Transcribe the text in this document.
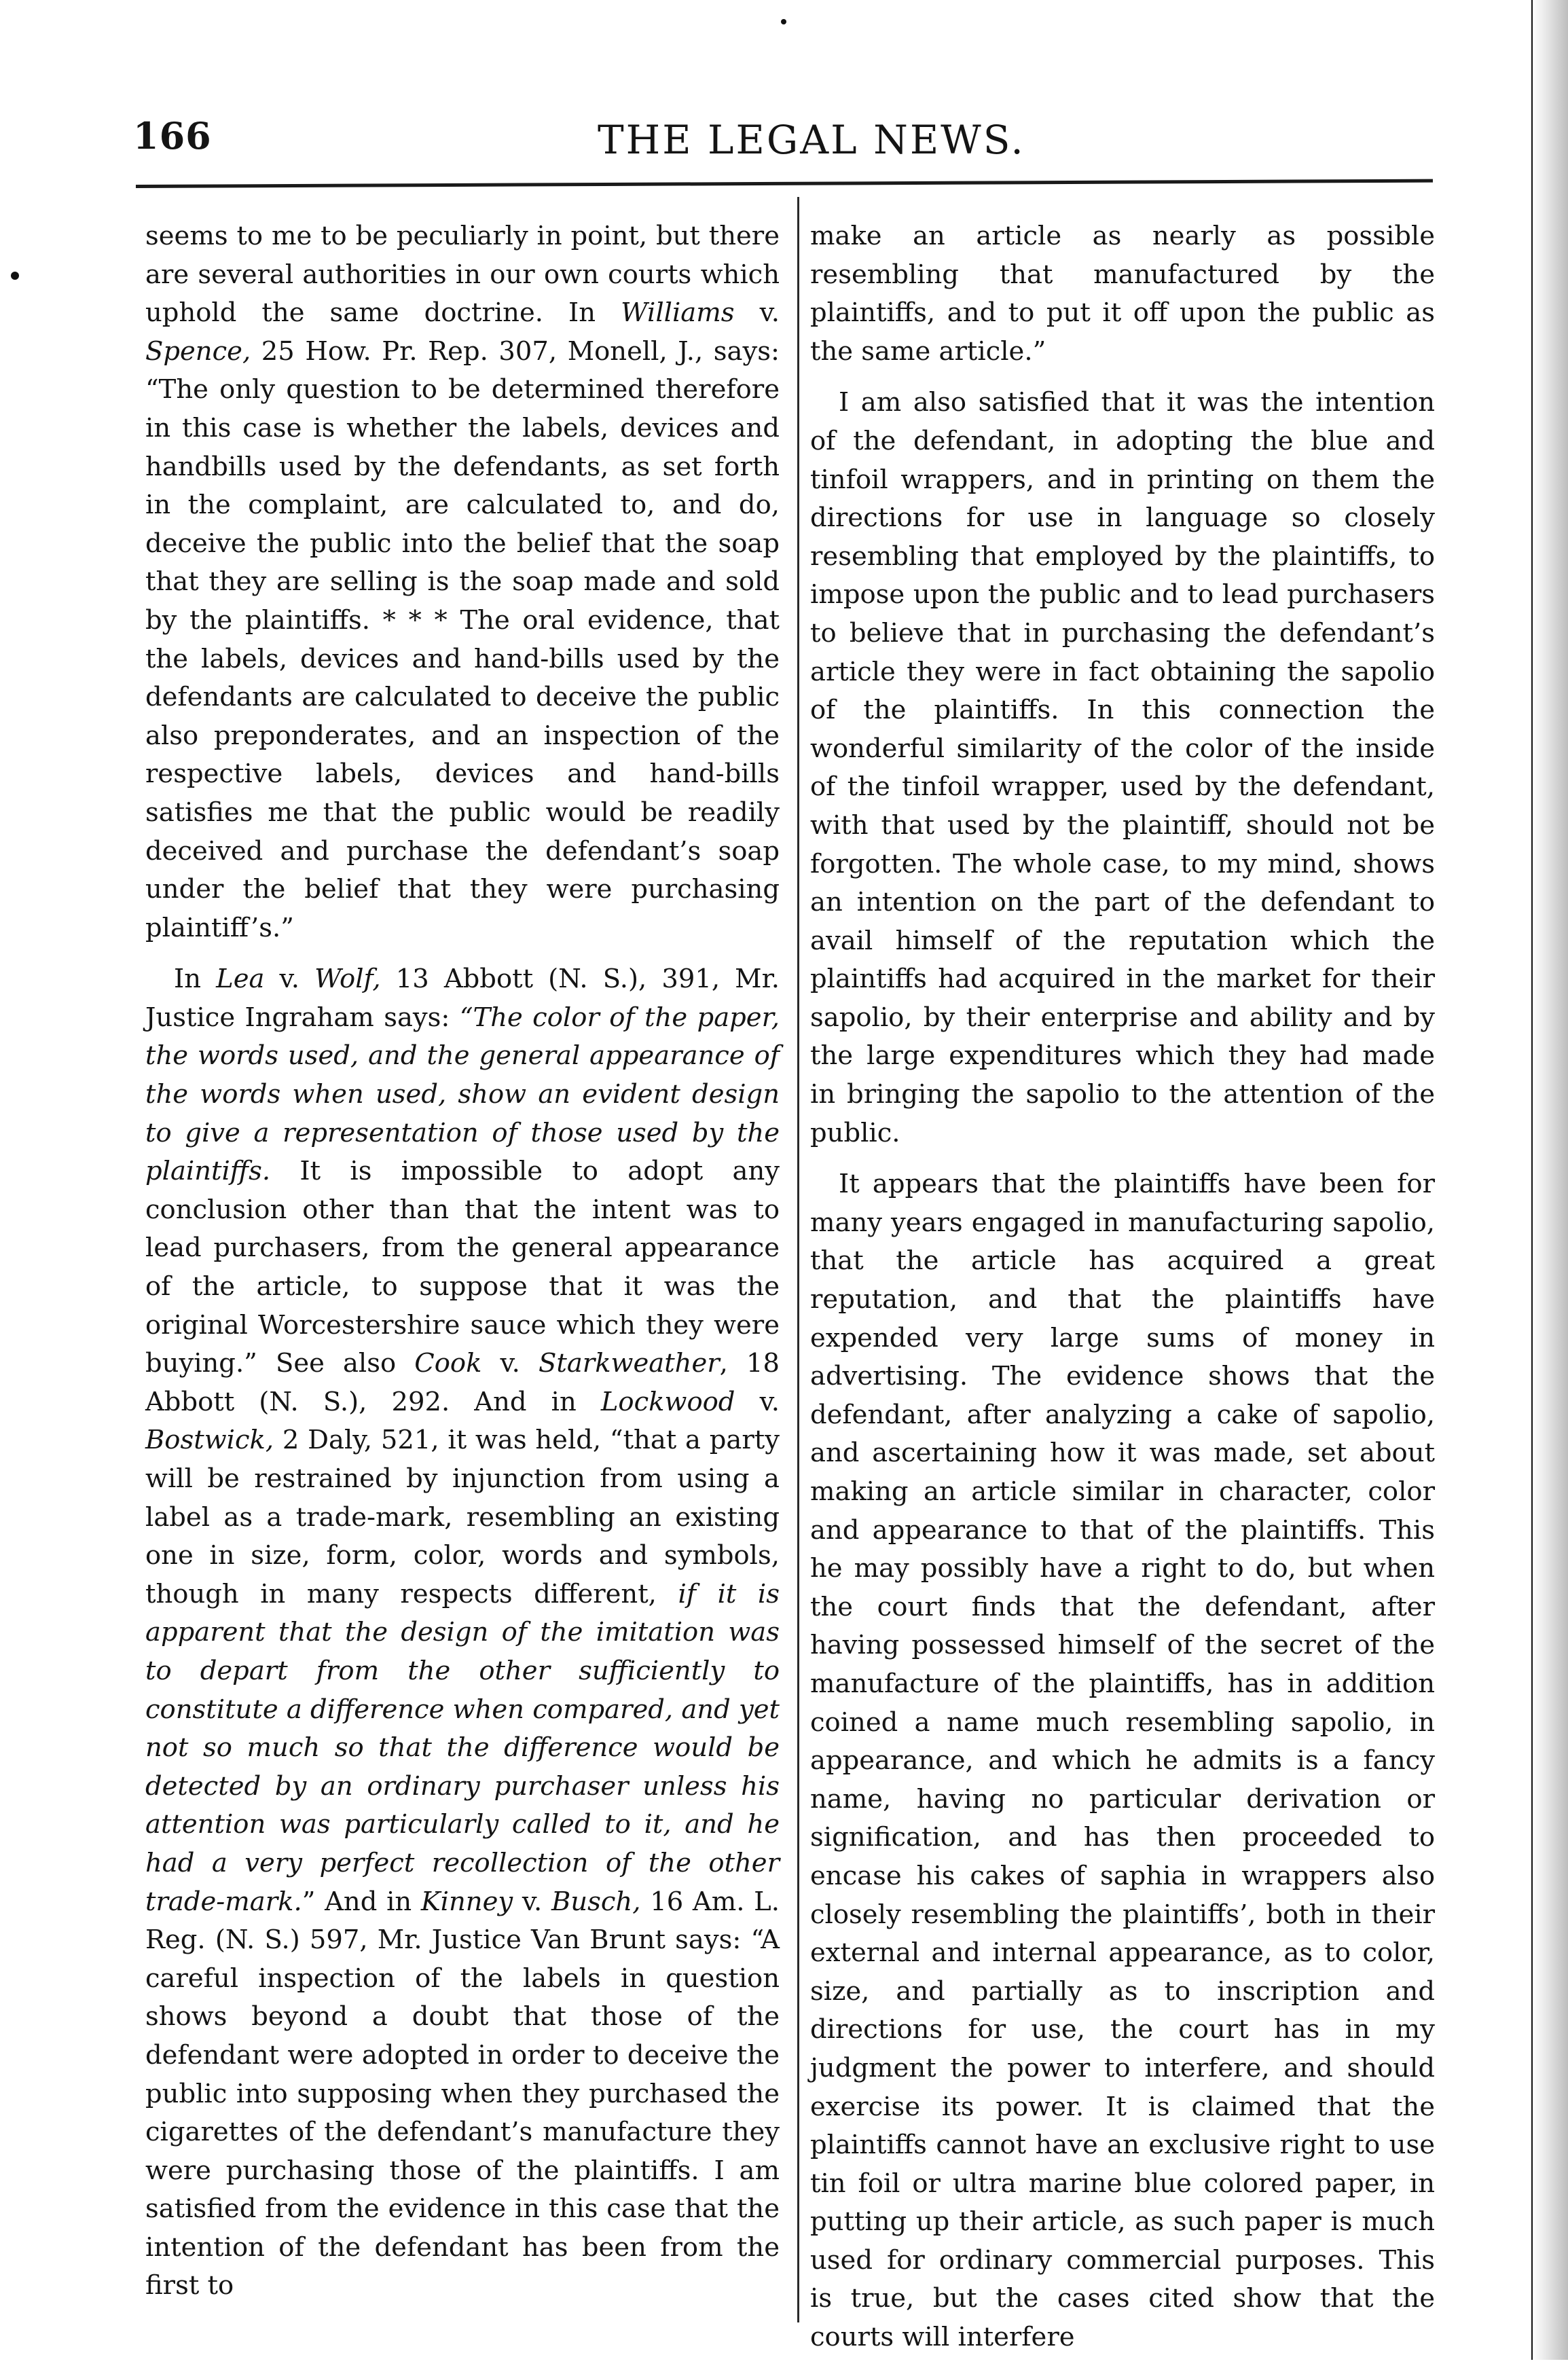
166	THE LEGAL NEWS.

seems to me to be peculiarly in point, but there are several authorities in our own courts which uphold the same doctrine. In Williams v. Spence, 25 How. Pr. Rep. 307, Monell, J., says: “The only question to be determined therefore in this case is whether the labels, devices and handbills used by the defendants, as set forth in the complaint, are calculated to, and do, deceive the public into the belief that the soap that they are selling is the soap made and sold by the plaintiffs. * * * The oral evidence, that the labels, devices and hand-bills used by the defendants are calculated to deceive the public also preponderates, and an inspection of the respective labels, devices and hand-bills satisfies me that the public would be readily deceived and purchase the defendant’s soap under the belief that they were purchasing plaintiff’s.”

In Lea v. Wolf, 13 Abbott (N. S.), 391, Mr. Justice Ingraham says: “The color of the paper, the words used, and the general appearance of the words when used, show an evident design to give a representation of those used by the plaintiffs. It is impossible to adopt any conclusion other than that the intent was to lead purchasers, from the general appearance of the article, to suppose that it was the original Worcestershire sauce which they were buying.” See also Cook v. Starkweather, 18 Abbott (N. S.), 292. And in Lockwood v. Bostwick, 2 Daly, 521, it was held, “that a party will be restrained by injunction from using a label as a trade-mark, resembling an existing one in size, form, color, words and symbols, though in many respects different, if it is apparent that the design of the imitation was to depart from the other sufficiently to constitute a difference when compared, and yet not so much so that the difference would be detected by an ordinary purchaser unless his attention was particularly called to it, and he had a very perfect recollection of the other trade-mark.” And in Kinney v. Busch, 16 Am. L. Reg. (N. S.) 597, Mr. Justice Van Brunt says: “A careful inspection of the labels in question shows beyond a doubt that those of the defendant were adopted in order to deceive the public into supposing when they purchased the cigarettes of the defendant’s manufacture they were purchasing those of the plaintiffs. I am satisfied from the evidence in this case that the intention of the defendant has been from the first to

make an article as nearly as possible resembling that manufactured by the plaintiffs, and to put it off upon the public as the same article.”

I am also satisfied that it was the intention of the defendant, in adopting the blue and tinfoil wrappers, and in printing on them the directions for use in language so closely resembling that employed by the plaintiffs, to impose upon the public and to lead purchasers to believe that in purchasing the defendant’s article they were in fact obtaining the sapolio of the plaintiffs. In this connection the wonderful similarity of the color of the inside of the tinfoil wrapper, used by the defendant, with that used by the plaintiff, should not be forgotten. The whole case, to my mind, shows an intention on the part of the defendant to avail himself of the reputation which the plaintiffs had acquired in the market for their sapolio, by their enterprise and ability and by the large expenditures which they had made in bringing the sapolio to the attention of the public.

It appears that the plaintiffs have been for many years engaged in manufacturing sapolio, that the article has acquired a great reputation, and that the plaintiffs have expended very large sums of money in advertising. The evidence shows that the defendant, after analyzing a cake of sapolio, and ascertaining how it was made, set about making an article similar in character, color and appearance to that of the plaintiffs. This he may possibly have a right to do, but when the court finds that the defendant, after having possessed himself of the secret of the manufacture of the plaintiffs, has in addition coined a name much resembling sapolio, in appearance, and which he admits is a fancy name, having no particular derivation or signification, and has then proceeded to encase his cakes of saphia in wrappers also closely resembling the plaintiffs’, both in their external and internal appearance, as to color, size, and partially as to inscription and directions for use, the court has in my judgment the power to interfere, and should exercise its power. It is claimed that the plaintiffs cannot have an exclusive right to use tin foil or ultra marine blue colored paper, in putting up their article, as such paper is much used for ordinary commercial purposes. This is true, but the cases cited show that the courts will interfere
